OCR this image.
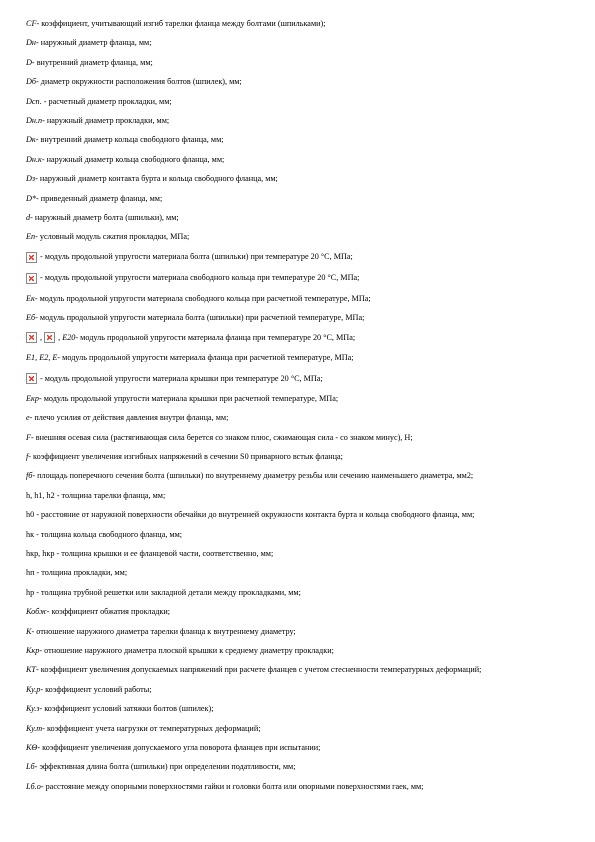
CF - коэффициент, учитывающий изгиб тарелки фланца между болтами (шпильками);
Dн - наружный диаметр фланца, мм;
D - внутренний диаметр фланца, мм;
Dб - диаметр окружности расположения болтов (шпилек), мм;
Dсп . - расчетный диаметр прокладки, мм;
Dн.п - наружный диаметр прокладки, мм;
Dк - внутренний диаметр кольца свободного фланца, мм;
Dн.к - наружный диаметр кольца свободного фланца, мм;
Dз - наружный диаметр контакта бурта и кольца свободного фланца, мм;
D* - приведенный диаметр фланца, мм;
d - наружный диаметр болта (шпильки), мм;
Еп - условный модуль сжатия прокладки, МПа;
- модуль продольной упругости материала болта (шпильки) при температуре 20 °С, МПа;
- модуль продольной упругости материала свободного кольца при температуре 20 °С, МПа;
Ек - модуль продольной упругости материала свободного кольца при расчетной температуре, МПа;
Еб - модуль продольной упругости материала болта (шпильки) при расчетной температуре, МПа;
, , E20 - модуль продольной упругости материала фланца при температуре 20 °С, МПа;
E1, Е2, Е - модуль продольной упругости материала фланца при расчетной температуре, МПа;
- модуль продольной упругости материала крышки при температуре 20 °С, МПа;
Екр - модуль продольной упругости материала крышки при расчетной температуре, МПа;
е - плечо усилия от действия давления внутри фланца, мм;
F - внешняя осевая сила (растягивающая сила берется со знаком плюс, сжимающая сила - со знаком минус), Н;
f - коэффициент увеличения изгибных напряжений в сечении S0 приварного встык фланца;
fб - площадь поперечного сечения болта (шпильки) по внутреннему диаметру резьбы или сечению наименьшего диаметра, мм2;
h, h1, h2 - толщина тарелки фланца, мм;
h0 - расстояние от наружной поверхности обечайки до внутренней окружности контакта бурта и кольца свободного фланца, мм;
hк - толщина кольца свободного фланца, мм;
hкр, hкр - толщина крышки и ее фланцевой части, соответственно, мм;
hп - толщина прокладки, мм;
hр - толщина трубной решетки или закладной детали между прокладками, мм;
Кобж - коэффициент обжатия прокладки;
К - отношение наружного диаметра тарелки фланца к внутреннему диаметру;
Ккр - отношение наружного диаметра плоской крышки к среднему диаметру прокладки;
КТ - коэффициент увеличения допускаемых напряжений при расчете фланцев с учетом стесненности температурных деформаций;
Ку.р - коэффициент условий работы;
Ку.з - коэффициент условий затяжки болтов (шпилек);
Ку.т - коэффициент учета нагрузки от температурных деформаций;
КΘ - коэффициент увеличения допускаемого угла поворота фланцев при испытании;
Lб - эффективная длина болта (шпильки) при определении податливости, мм;
Lб.о - расстояние между опорными поверхностями гайки и головки болта или опорными поверхностями гаек, мм;
